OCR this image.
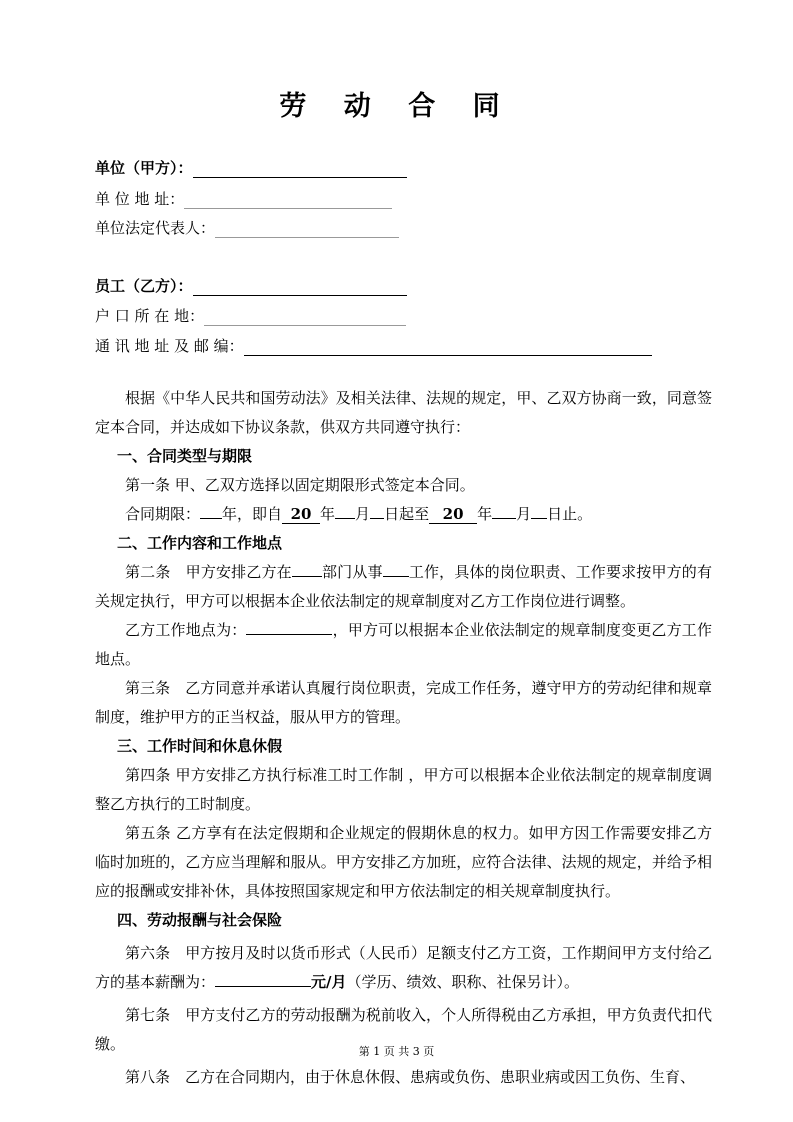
劳 动 合 同
单位（甲方）：
单 位 地 址：
单位法定代表人：
员工（乙方）：
户 口 所 在 地：
通 讯 地 址 及 邮 编：

根据《中华人民共和国劳动法》及相关法律、法规的规定，甲、乙双方协商一致，同意签定本合同，并达成如下协议条款，供双方共同遵守执行：

一、合同类型与期限

第一条 甲、乙双方选择以固定期限形式签定本合同。

合同期限： 年，即自 20 年 月 日起至 20 年 月 日止。

二、工作内容和工作地点

第二条　甲方安排乙方在 部门从事 工作，具体的岗位职责、工作要求按甲方的有关规定执行，甲方可以根据本企业依法制定的规章制度对乙方工作岗位进行调整。

乙方工作地点为：	，甲方可以根据本企业依法制定的规章制度变更乙方工作地点。

第三条　乙方同意并承诺认真履行岗位职责，完成工作任务，遵守甲方的劳动纪律和规章制度，维护甲方的正当权益，服从甲方的管理。

三、工作时间和休息休假

第四条 甲方安排乙方执行标准工时工作制 ，甲方可以根据本企业依法制定的规章制度调整乙方执行的工时制度。

第五条 乙方享有在法定假期和企业规定的假期休息的权力。如甲方因工作需要安排乙方临时加班的，乙方应当理解和服从。甲方安排乙方加班，应符合法律、法规的规定，并给予相应的报酬或安排补休，具体按照国家规定和甲方依法制定的相关规章制度执行。

四、劳动报酬与社会保险

第六条　甲方按月及时以货币形式（人民币）足额支付乙方工资，工作期间甲方支付给乙方的基本薪酬为：	元/月（学历、绩效、职称、社保另计）。

第七条　甲方支付乙方的劳动报酬为税前收入，个人所得税由乙方承担，甲方负责代扣代缴。

第八条　乙方在合同期内，由于休息休假、患病或负伤、患职业病或因工负伤、生育、

第 1 页 共 3 页
